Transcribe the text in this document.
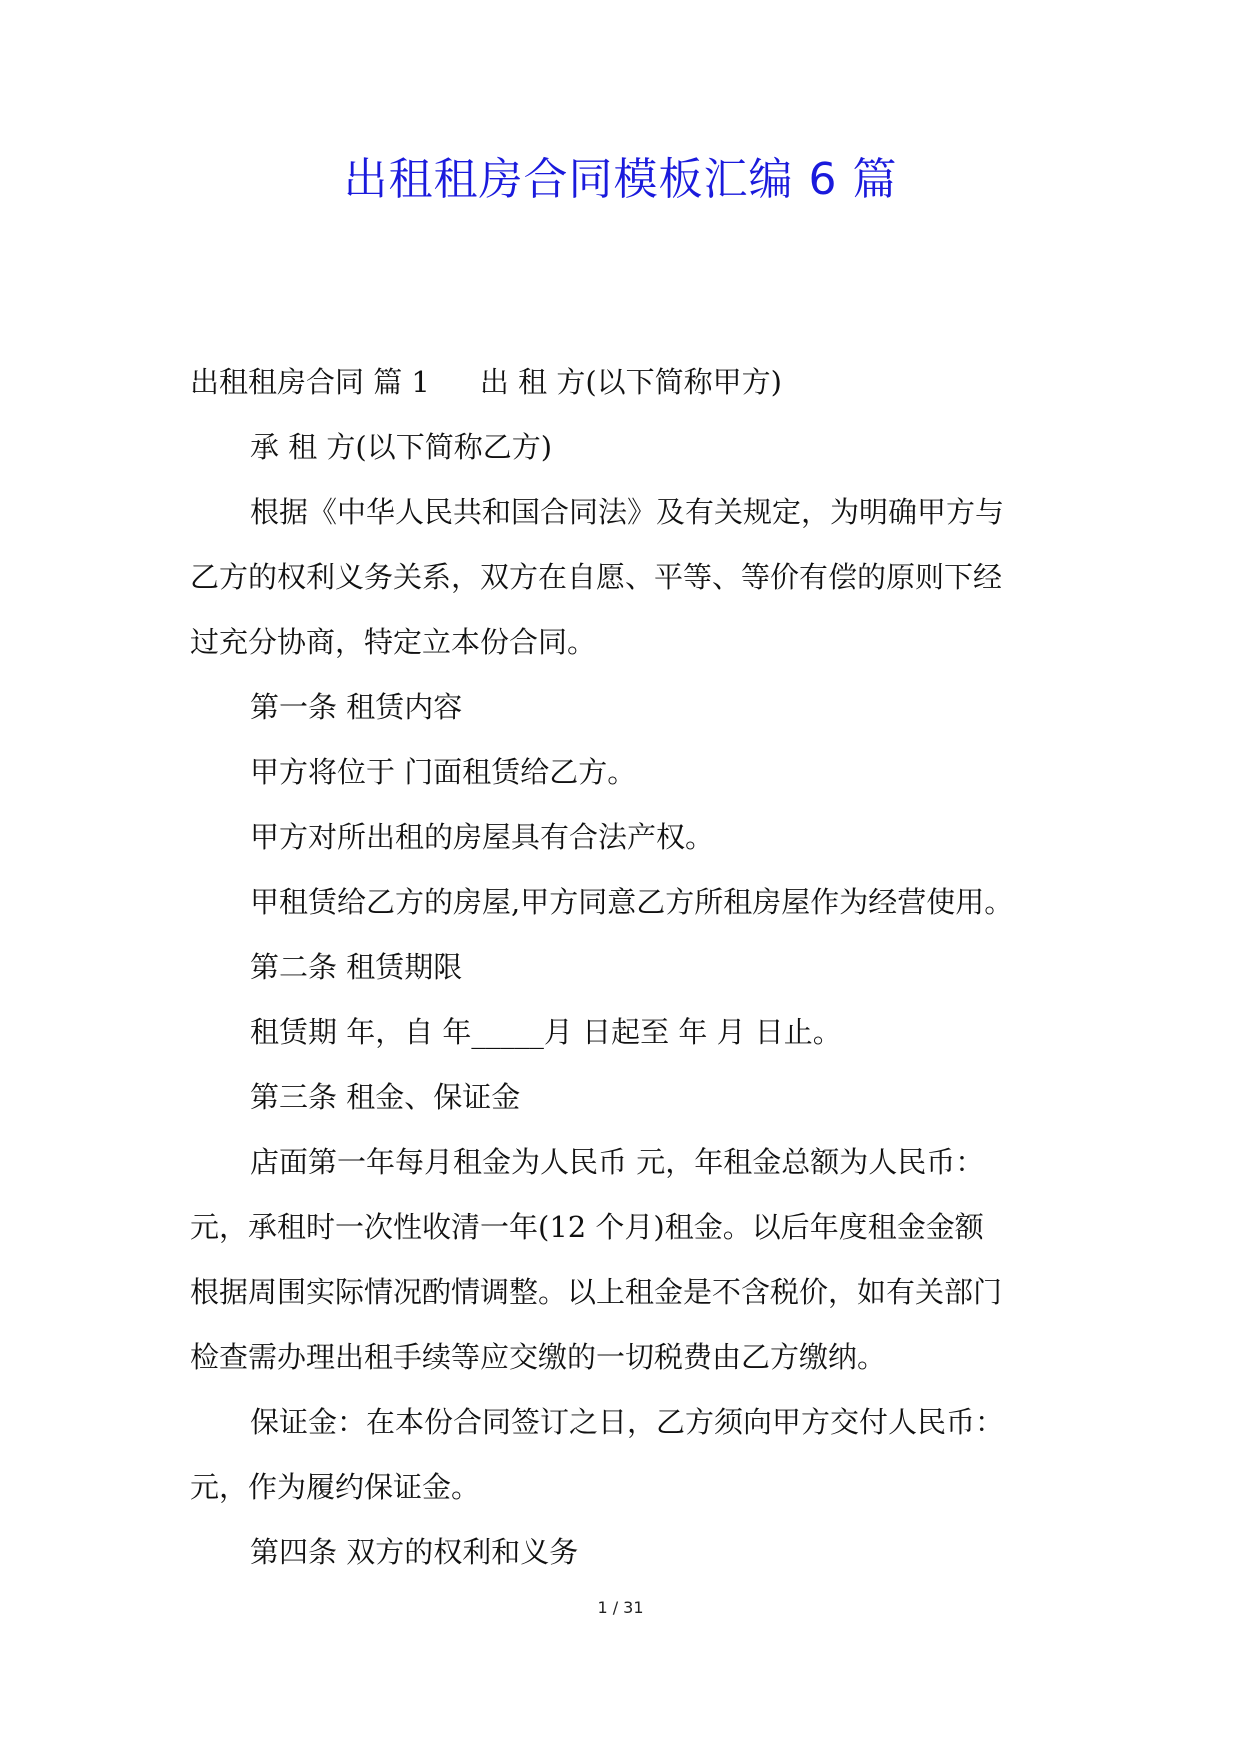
出租租房合同模板汇编 6 篇
出租租房合同 篇 1 出 租 方(以下简称甲方)
承 租 方(以下简称乙方)
根据《中华人民共和国合同法》及有关规定，为明确甲方与
乙方的权利义务关系，双方在自愿、平等、等价有偿的原则下经
过充分协商，特定立本份合同。
第一条 租赁内容
甲方将位于 门面租赁给乙方。
甲方对所出租的房屋具有合法产权。
甲租赁给乙方的房屋,甲方同意乙方所租房屋作为经营使用。
第二条 租赁期限
租赁期 年，自 年_____月 日起至 年 月 日止。
第三条 租金、保证金
店面第一年每月租金为人民币 元，年租金总额为人民币：
元，承租时一次性收清一年(12 个月)租金。以后年度租金金额
根据周围实际情况酌情调整。以上租金是不含税价，如有关部门
检查需办理出租手续等应交缴的一切税费由乙方缴纳。
保证金：在本份合同签订之日，乙方须向甲方交付人民币：
元，作为履约保证金。
第四条 双方的权利和义务
1 / 31
